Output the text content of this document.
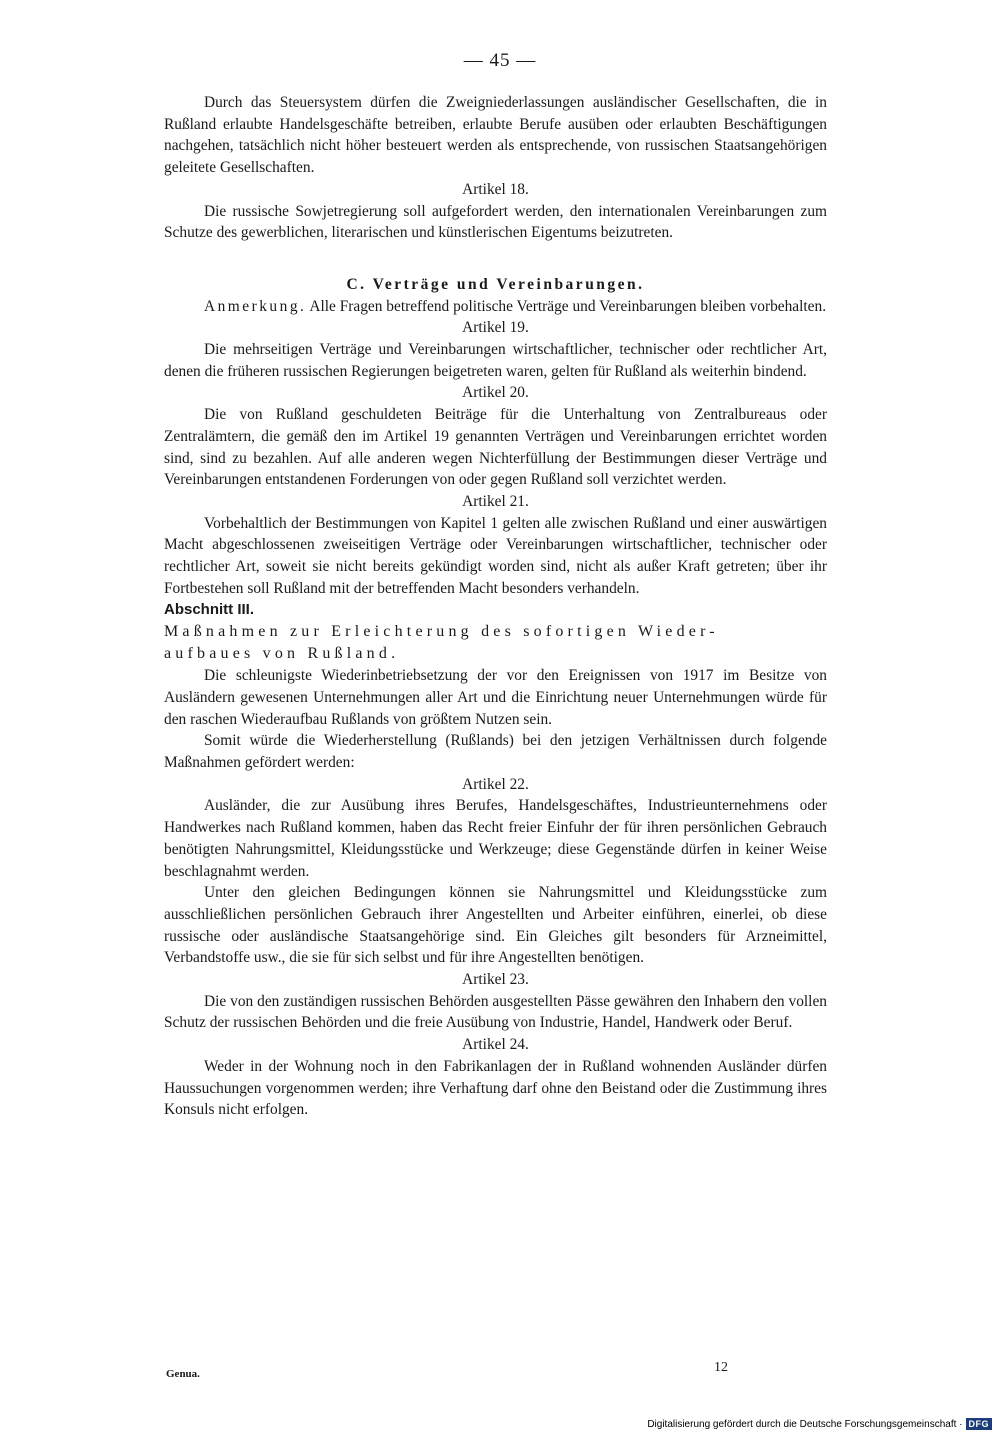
— 45 —

Durch das Steuersystem dürfen die Zweigniederlassungen ausländischer Gesellschaften, die in Rußland erlaubte Handelsgeschäfte betreiben, erlaubte Berufe ausüben oder erlaubten Beschäftigungen nachgehen, tatsächlich nicht höher besteuert werden als entsprechende, von russischen Staatsangehörigen geleitete Gesellschaften.

Artikel 18.

Die russische Sowjetregierung soll aufgefordert werden, den internationalen Vereinbarungen zum Schutze des gewerblichen, literarischen und künstlerischen Eigentums beizutreten.

C. Verträge und Vereinbarungen.

Anmerkung. Alle Fragen betreffend politische Verträge und Vereinbarungen bleiben vorbehalten.

Artikel 19.

Die mehrseitigen Verträge und Vereinbarungen wirtschaftlicher, technischer oder rechtlicher Art, denen die früheren russischen Regierungen beigetreten waren, gelten für Rußland als weiterhin bindend.

Artikel 20.

Die von Rußland geschuldeten Beiträge für die Unterhaltung von Zentralbureaus oder Zentralämtern, die gemäß den im Artikel 19 genannten Verträgen und Vereinbarungen errichtet worden sind, sind zu bezahlen. Auf alle anderen wegen Nichterfüllung der Bestimmungen dieser Verträge und Vereinbarungen entstandenen Forderungen von oder gegen Rußland soll verzichtet werden.

Artikel 21.

Vorbehaltlich der Bestimmungen von Kapitel 1 gelten alle zwischen Rußland und einer auswärtigen Macht abgeschlossenen zweiseitigen Verträge oder Vereinbarungen wirtschaftlicher, technischer oder rechtlicher Art, soweit sie nicht bereits gekündigt worden sind, nicht als außer Kraft getreten; über ihr Fortbestehen soll Rußland mit der betreffenden Macht besonders verhandeln.

Abschnitt III.

Maßnahmen zur Erleichterung des sofortigen Wieder-

aufbaues von Rußland.

Die schleunigste Wiederinbetriebsetzung der vor den Ereignissen von 1917 im Besitze von Ausländern gewesenen Unternehmungen aller Art und die Einrichtung neuer Unternehmungen würde für den raschen Wiederaufbau Rußlands von größtem Nutzen sein.

Somit würde die Wiederherstellung (Rußlands) bei den jetzigen Verhältnissen durch folgende Maßnahmen gefördert werden:

Artikel 22.

Ausländer, die zur Ausübung ihres Berufes, Handelsgeschäftes, Industrieunternehmens oder Handwerkes nach Rußland kommen, haben das Recht freier Einfuhr der für ihren persönlichen Gebrauch benötigten Nahrungsmittel, Kleidungsstücke und Werkzeuge; diese Gegenstände dürfen in keiner Weise beschlagnahmt werden.

Unter den gleichen Bedingungen können sie Nahrungsmittel und Kleidungsstücke zum ausschließlichen persönlichen Gebrauch ihrer Angestellten und Arbeiter einführen, einerlei, ob diese russische oder ausländische Staatsangehörige sind. Ein Gleiches gilt besonders für Arzneimittel, Verbandstoffe usw., die sie für sich selbst und für ihre Angestellten benötigen.

Artikel 23.

Die von den zuständigen russischen Behörden ausgestellten Pässe gewähren den Inhabern den vollen Schutz der russischen Behörden und die freie Ausübung von Industrie, Handel, Handwerk oder Beruf.

Artikel 24.

Weder in der Wohnung noch in den Fabrikanlagen der in Rußland wohnenden Ausländer dürfen Haussuchungen vorgenommen werden; ihre Verhaftung darf ohne den Beistand oder die Zustimmung ihres Konsuls nicht erfolgen.

Genua.	12
Digitalisierung gefördert durch die Deutsche Forschungsgemeinschaft · DFG
